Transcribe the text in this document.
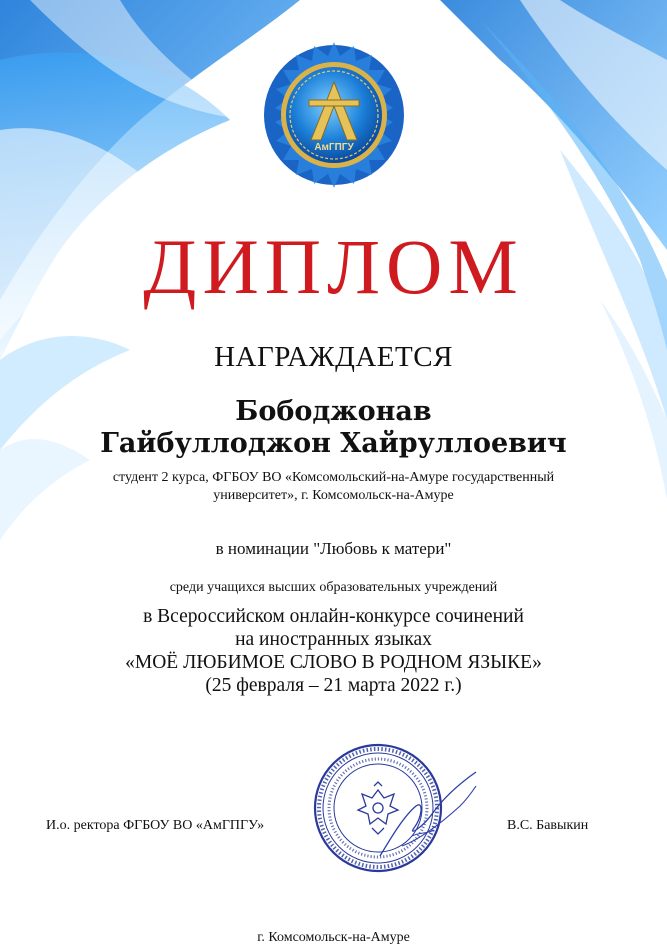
АмГПГУ
ДИПЛОМ
НАГРАЖДАЕТСЯ
Бободжонав
Гайбуллоджон Хайруллоевич
студент 2 курса, ФГБОУ ВО «Комсомольский-на-Амуре государственный университет», г. Комсомольск-на-Амуре
в номинации "Любовь к матери"
среди учащихся высших образовательных учреждений
в Всероссийском онлайн-конкурсе сочинений
на иностранных языках
«МОЁ ЛЮБИМОЕ СЛОВО В РОДНОМ ЯЗЫКЕ»
(25 февраля – 21 марта 2022 г.)
И.о. ректора ФГБОУ ВО «АмГПГУ»	В.С. Бавыкин
г. Комсомольск-на-Амуре
